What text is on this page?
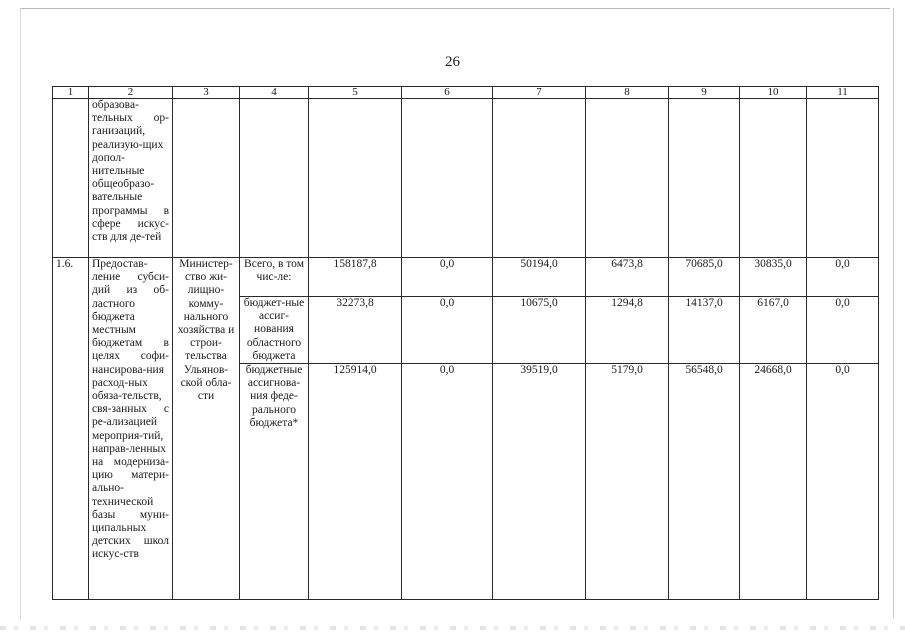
26
1	2	3	4	5	6	7	8	9	10	11
	образова-тельных ор-ганизаций, реализую-щих допол-нительные общеобразо-вательные программы в сфере искус-ств для де-тей									
1.6.	Предостав-ление субси-дий из об-ластного бюджета местным бюджетам в целях софи-нансирова-ния расход-ных обяза-тельств, свя-занных с ре-ализацией мероприя-тий, направ-ленных на модерниза-цию матери-ально-технической базы муни-ципальных детских школ искус-ств	Министер-ство жи-лищно-комму-нального хозяйства и строи-тельства Ульянов-ской обла-сти	Всего, в том чис-ле:	158187,8	0,0	50194,0	6473,8	70685,0	30835,0	0,0
			бюджет-ные ассиг-нования областного бюджета	32273,8	0,0	10675,0	1294,8	14137,0	6167,0	0,0
			бюджетные ассигнова-ния феде-рального бюджета*	125914,0	0,0	39519,0	5179,0	56548,0	24668,0	0,0
